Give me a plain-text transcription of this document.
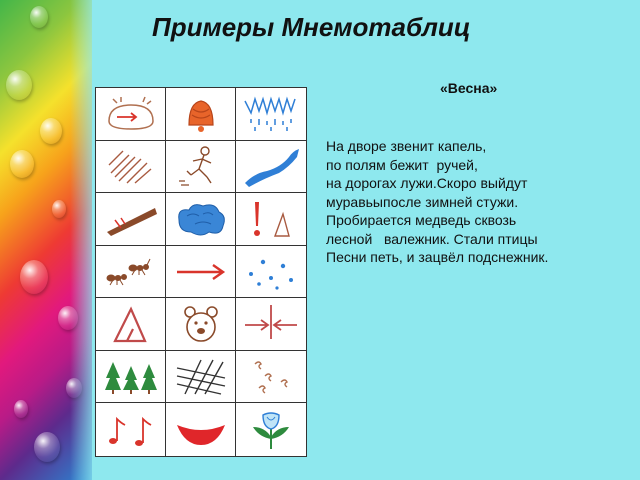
Примеры Мнемотаблиц
«Весна»
На дворе звенит капель,
по полям бежит  ручей,
на дорогах лужи.Скоро выйдут
муравьыпосле зимней стужи.
Пробирается медведь сквозь
лесной   валежник. Стали птицы
Песни петь, и зацвёл подснежник.
